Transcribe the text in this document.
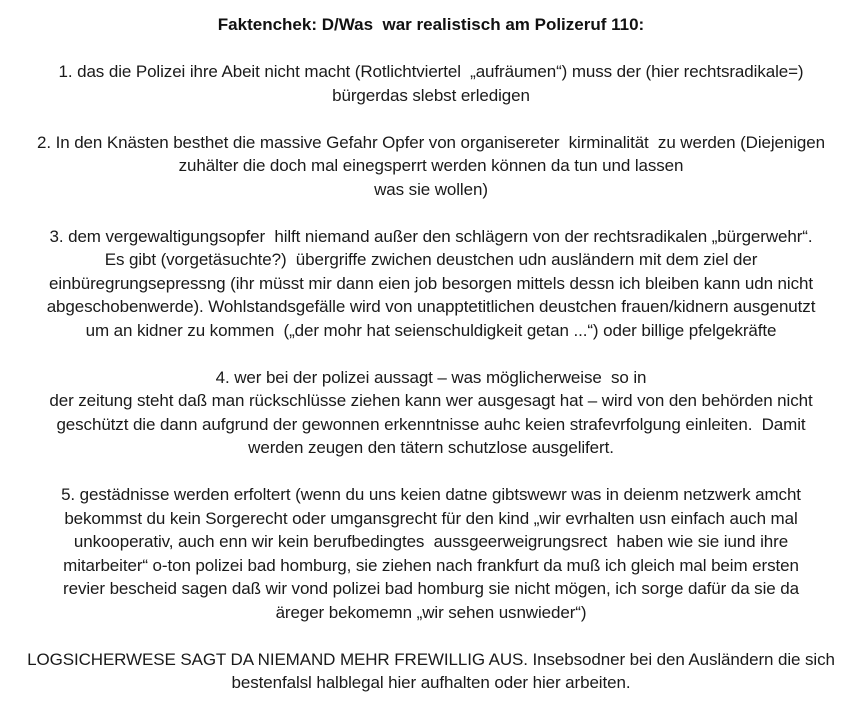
Faktenchek: D/Was  war realistisch am Polizeruf 110:
1. das die Polizei ihre Abeit nicht macht (Rotlichtviertel  „aufräumen“) muss der (hier rechtsradikale=)
bürgerdas slebst erledigen
2. In den Knästen besthet die massive Gefahr Opfer von organisereter  kirminalität  zu werden (Diejenigen
zuhälter die doch mal einegsperrt werden können da tun und lassen
was sie wollen)
3. dem vergewaltigungsopfer  hilft niemand außer den schlägern von der rechtsradikalen „bürgerwehr“.
Es gibt (vorgetäsuchte?)  übergriffe zwichen deustchen udn ausländern mit dem ziel der
einbüregrungsepressng (ihr müsst mir dann eien job besorgen mittels dessn ich bleiben kann udn nicht
abgeschobenwerde). Wohlstandsgefälle wird von unapptetitlichen deustchen frauen/kidnern ausgenutzt
um an kidner zu kommen  („der mohr hat seienschuldigkeit getan ...“) oder billige pfelgekräfte
4. wer bei der polizei aussagt – was möglicherweise  so in
der zeitung steht daß man rückschlüsse ziehen kann wer ausgesagt hat – wird von den behörden nicht
geschützt die dann aufgrund der gewonnen erkenntnisse auhc keien strafevrfolgung einleiten.  Damit
werden zeugen den tätern schutzlose ausgelifert.
5. gestädnisse werden erfoltert (wenn du uns keien datne gibtswewr was in deienm netzwerk amcht
bekommst du kein Sorgerecht oder umgansgrecht für den kind „wir evrhalten usn einfach auch mal
unkooperativ, auch enn wir kein berufbedingtes  aussgeerweigrungsrect  haben wie sie iund ihre
mitarbeiter“ o-ton polizei bad homburg, sie ziehen nach frankfurt da muß ich gleich mal beim ersten
revier bescheid sagen daß wir vond polizei bad homburg sie nicht mögen, ich sorge dafür da sie da
äreger bekomemn „wir sehen usnwieder“)
LOGSICHERWESE SAGT DA NIEMAND MEHR FREWILLIG AUS. Insebsodner bei den Ausländern die sich
bestenfalsl halblegal hier aufhalten oder hier arbeiten.
